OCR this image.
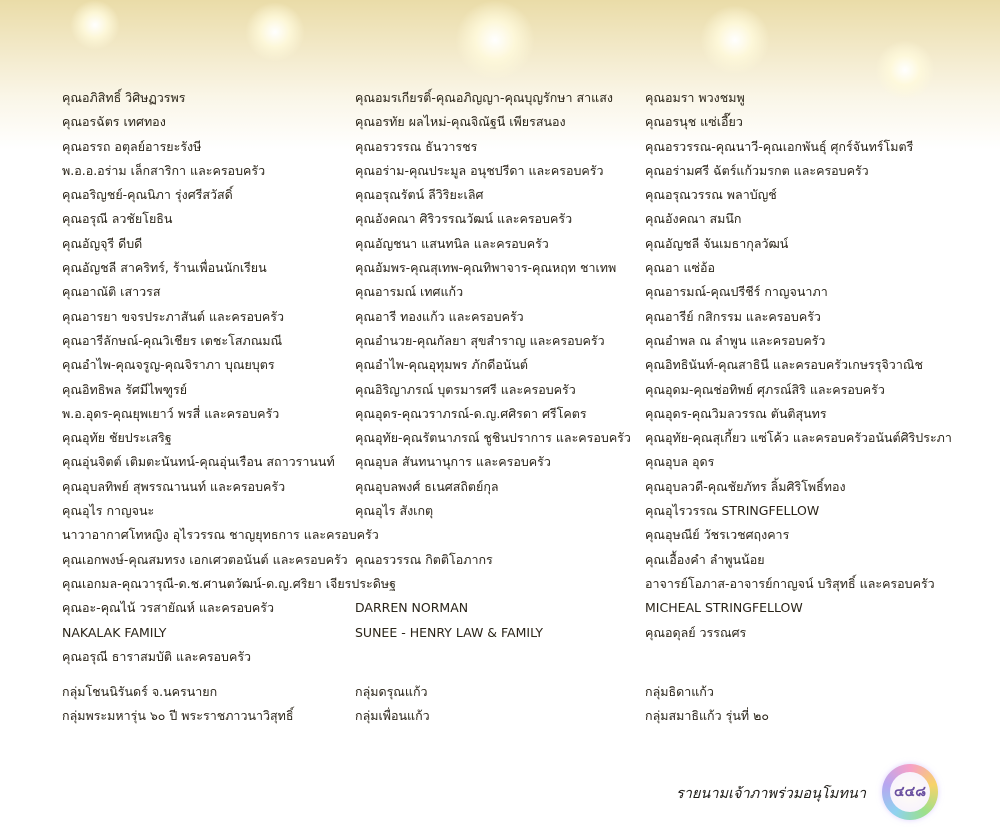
คุณอภิสิทธิ์ วิศิษฏวรพร
คุณอรฉัตร เทศทอง
คุณอรรถ อตุลย์อารยะรังษี
พ.อ.อ.อร่าม เล็กสาริกา และครอบครัว
คุณอริญชย์-คุณนิภา รุ่งศรีสวัสดิ์
คุณอรุณี ลวชัยโยธิน
คุณอัญจุรี ดีบดี
คุณอัญชลี สาคริทร์, ร้านเพื่อนนักเรียน
คุณอาณัติ เสาวรส
คุณอารยา ขจรประภาสันต์ และครอบครัว
คุณอารีลักษณ์-คุณวิเชียร เตชะโสภณมณี
คุณอำไพ-คุณจรูญ-คุณจิราภา บุณยบุตร
คุณอิทธิพล รัศมีไพฑูรย์
พ.อ.อุดร-คุณยุพเยาว์ พรสี่ และครอบครัว
คุณอุทัย ชัยประเสริฐ
คุณอุ่นจิตต์ เติมตะนันทน์-คุณอุ่นเรือน สถาวรานนท์
คุณอุบลทิพย์ สุพรรณานนท์ และครอบครัว
คุณอุไร กาญจนะ
นาวาอากาศโทหญิง อุไรวรรณ ชาญยุทธการ และครอบครัว
คุณเอกพงษ์-คุณสมทรง เอกเศวตอนันต์ และครอบครัว
คุณเอกมล-คุณวารุณี-ด.ช.ศานตวัฒน์-ด.ญ.ศริยา เจียรประดิษฐ
คุณอะ-คุณไน้ วรสายัณห์ และครอบครัว
NAKALAK FAMILY
คุณอรุณี ธาราสมบัติ และครอบครัว
คุณอมรเกียรติ์-คุณอภิญญา-คุณบุญรักษา สาแสง
คุณอรทัย ผลไหม่-คุณจิณัฐนี เพียรสนอง
คุณอรวรรณ ธันวารชร
คุณอร่าม-คุณประมูล อนุชปรีดา และครอบครัว
คุณอรุณรัตน์ ลีวิริยะเลิศ
คุณอังคณา ศิริวรรณวัฒน์ และครอบครัว
คุณอัญชนา แสนทนิล และครอบครัว
คุณอัมพร-คุณสุเทพ-คุณทิพาจาร-คุณหฤท ชาเทพ
คุณอารมณ์ เทศแก้ว
คุณอารี ทองแก้ว และครอบครัว
คุณอำนวย-คุณกัลยา สุขสำราญ และครอบครัว
คุณอำไพ-คุณอุทุมพร ภักดีอนันต์
คุณอิริญาภรณ์ บุตรมารศรี และครอบครัว
คุณอุดร-คุณวราภรณ์-ด.ญ.ศศิรดา ศรีโคตร
คุณอุทัย-คุณรัตนาภรณ์ ชูชินปราการ และครอบครัว
คุณอุบล สันทนานุการ และครอบครัว
คุณอุบลพงศ์ ธเนศสถิตย์กุล
คุณอุไร สังเกตุ
คุณอรวรรณ กิตติโอภากร
DARREN NORMAN
SUNEE - HENRY LAW & FAMILY
คุณอมรา พวงชมพู
คุณอรนุช แซ่เอี๊ยว
คุณอรวรรณ-คุณนาวี-คุณเอกพันธุ์ ศุกร์จันทร์โมตรี
คุณอร่ามศรี ฉัตร์แก้วมรกต และครอบครัว
คุณอรุณวรรณ พลาบัญช์
คุณอังคณา สมนึก
คุณอัญชลี จันเมธากุลวัฒน์
คุณอา แซ่อ้อ
คุณอารมณ์-คุณปรีชีร์ กาญจนาภา
คุณอารีย์ กสิกรรม และครอบครัว
คุณอำพล ณ ลำพูน และครอบครัว
คุณอิทธินันท์-คุณสาธินี และครอบครัวเกษรรุจิวาณิช
คุณอุดม-คุณช่อทิพย์ ศุภรณ์สิริ และครอบครัว
คุณอุดร-คุณวิมลวรรณ ตันติสุนทร
คุณอุทัย-คุณสุเกี้ยว แซ่โค้ว และครอบครัวอนันต์ศิริประภา
คุณอุบล อุดร
คุณอุบลวดี-คุณชัยภัทร ลิ้มศิริโพธิ์ทอง
คุณอุไรวรรณ STRINGFELLOW
คุณอุษณีย์ วัชรเวชศฤงคาร
คุณเอื้องคำ ลำพูนน้อย
อาจารย์โอภาส-อาจารย์กาญจน์ บริสุทธิ์ และครอบครัว
MICHEAL STRINGFELLOW
คุณอดุลย์ วรรณศร
กลุ่มโชนนิรันดร์ จ.นครนายก
กลุ่มพระมหารุ่น ๖๐ ปี พระราชภาวนาวิสุทธิ์
กลุ่มดรุณแก้ว
กลุ่มเพื่อนแก้ว
กลุ่มธิดาแก้ว
กลุ่มสมาธิแก้ว รุ่นที่ ๒๐
รายนามเจ้าภาพร่วมอนุโมทนา ๔๔๘
